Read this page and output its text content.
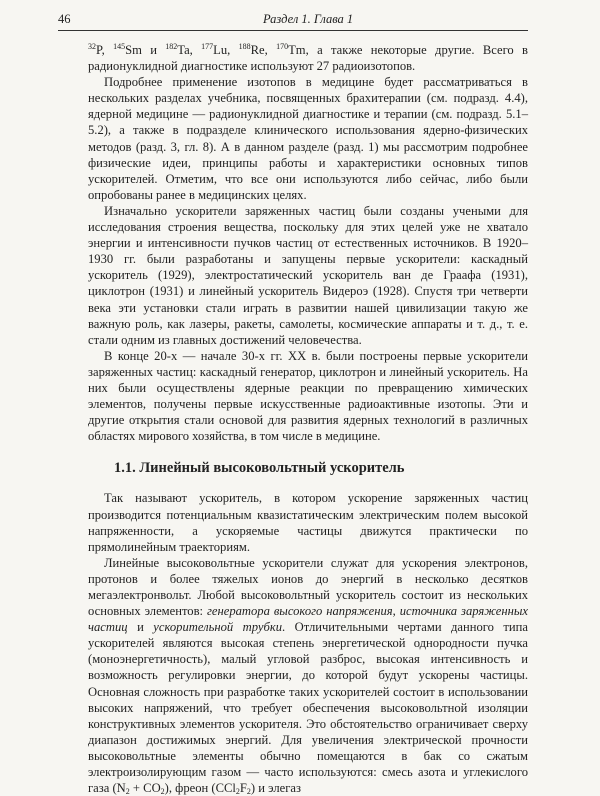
46	Раздел 1. Глава 1

$^{32}$P, $^{145}$Sm и $^{182}$Ta, $^{177}$Lu, $^{188}$Re, $^{170}$Tm, а также некоторые другие. Всего в радионуклидной диагностике используют 27 радиоизотопов.

Подробнее применение изотопов в медицине будет рассматриваться в нескольких разделах учебника, посвященных брахитерапии (см. подразд. 4.4), ядерной медицине — радионуклидной диагностике и терапии (см. подразд. 5.1–5.2), а также в подразделе клинического использования ядерно-физических методов (разд. 3, гл. 8). А в данном разделе (разд. 1) мы рассмотрим подробнее физические идеи, принципы работы и характеристики основных типов ускорителей. Отметим, что все они используются либо сейчас, либо были опробованы ранее в медицинских целях.

Изначально ускорители заряженных частиц были созданы учеными для исследования строения вещества, поскольку для этих целей уже не хватало энергии и интенсивности пучков частиц от естественных источников. В 1920–1930 гг. были разработаны и запущены первые ускорители: каскадный ускоритель (1929), электростатический ускоритель ван де Граафа (1931), циклотрон (1931) и линейный ускоритель Видероэ (1928). Спустя три четверти века эти установки стали играть в развитии нашей цивилизации такую же важную роль, как лазеры, ракеты, самолеты, космические аппараты и т. д., т. е. стали одним из главных достижений человечества.

В конце 20-х — начале 30-х гг. XX в. были построены первые ускорители заряженных частиц: каскадный генератор, циклотрон и линейный ускоритель. На них были осуществлены ядерные реакции по превращению химических элементов, получены первые искусственные радиоактивные изотопы. Эти и другие открытия стали основой для развития ядерных технологий в различных областях мирового хозяйства, в том числе в медицине.

1.1. Линейный высоковольтный ускоритель

Так называют ускоритель, в котором ускорение заряженных частиц производится потенциальным квазистатическим электрическим полем высокой напряженности, а ускоряемые частицы движутся практически по прямолинейным траекториям.

Линейные высоковольтные ускорители служат для ускорения электронов, протонов и более тяжелых ионов до энергий в несколько десятков мегаэлектронвольт. Любой высоковольтный ускоритель состоит из нескольких основных элементов: генератора высокого напряжения, источника заряженных частиц и ускорительной трубки. Отличительными чертами данного типа ускорителей являются высокая степень энергетической однородности пучка (моноэнергетичность), малый угловой разброс, высокая интенсивность и возможность регулировки энергии, до которой будут ускорены частицы. Основная сложность при разработке таких ускорителей состоит в использовании высоких напряжений, что требует обеспечения высоковольтной изоляции конструктивных элементов ускорителя. Это обстоятельство ограничивает сверху диапазон достижимых энергий. Для увеличения электрической прочности высоковольтные элементы обычно помещаются в бак со сжатым электроизолирующим газом — часто используются: смесь азота и углекислого газа $(N_2 + CO_2)$, фреон $(CCl_2F_2)$ и элегаз
